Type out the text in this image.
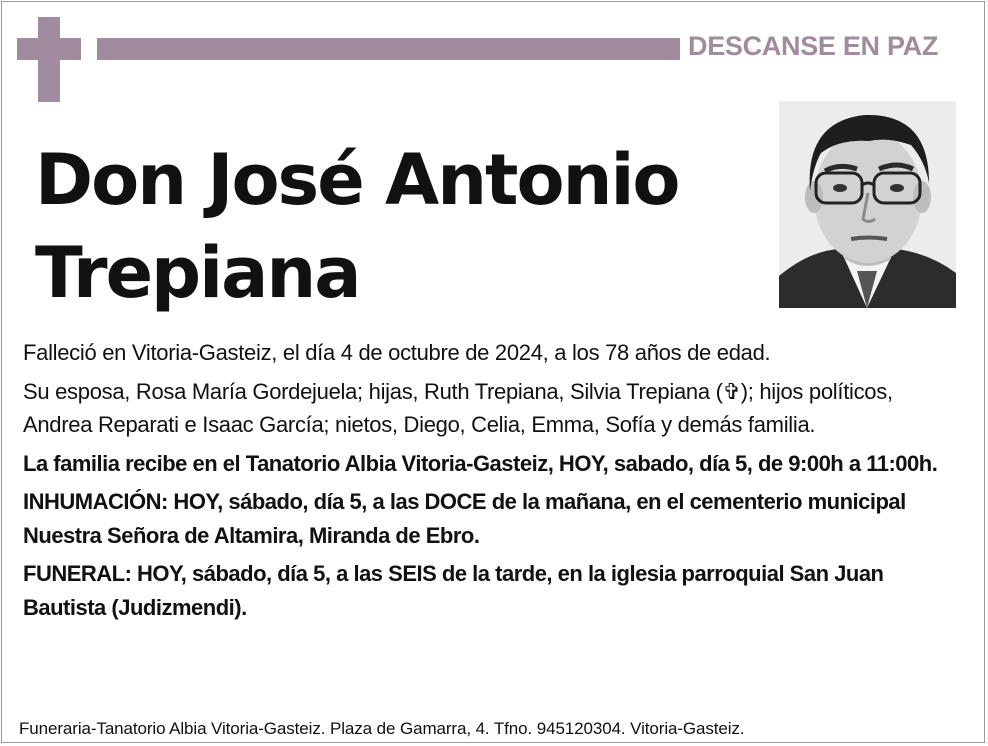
DESCANSE EN PAZ
Don José Antonio
Trepiana

Falleció en Vitoria-Gasteiz, el día 4 de octubre de 2024, a los 78 años de edad.

Su esposa, Rosa María Gordejuela; hijas, Ruth Trepiana, Silvia Trepiana (✞); hijos políticos, Andrea Reparati e Isaac García; nietos, Diego, Celia, Emma, Sofía y demás familia.

La familia recibe en el Tanatorio Albia Vitoria-Gasteiz, HOY, sabado, día 5, de 9:00h a 11:00h.

INHUMACIÓN: HOY, sábado, día 5, a las DOCE de la mañana, en el cementerio municipal Nuestra Señora de Altamira, Miranda de Ebro.

FUNERAL: HOY, sábado, día 5, a las SEIS de la tarde, en la iglesia parroquial San Juan Bautista (Judizmendi).

Funeraria-Tanatorio Albia Vitoria-Gasteiz. Plaza de Gamarra, 4. Tfno. 945120304. Vitoria-Gasteiz.
